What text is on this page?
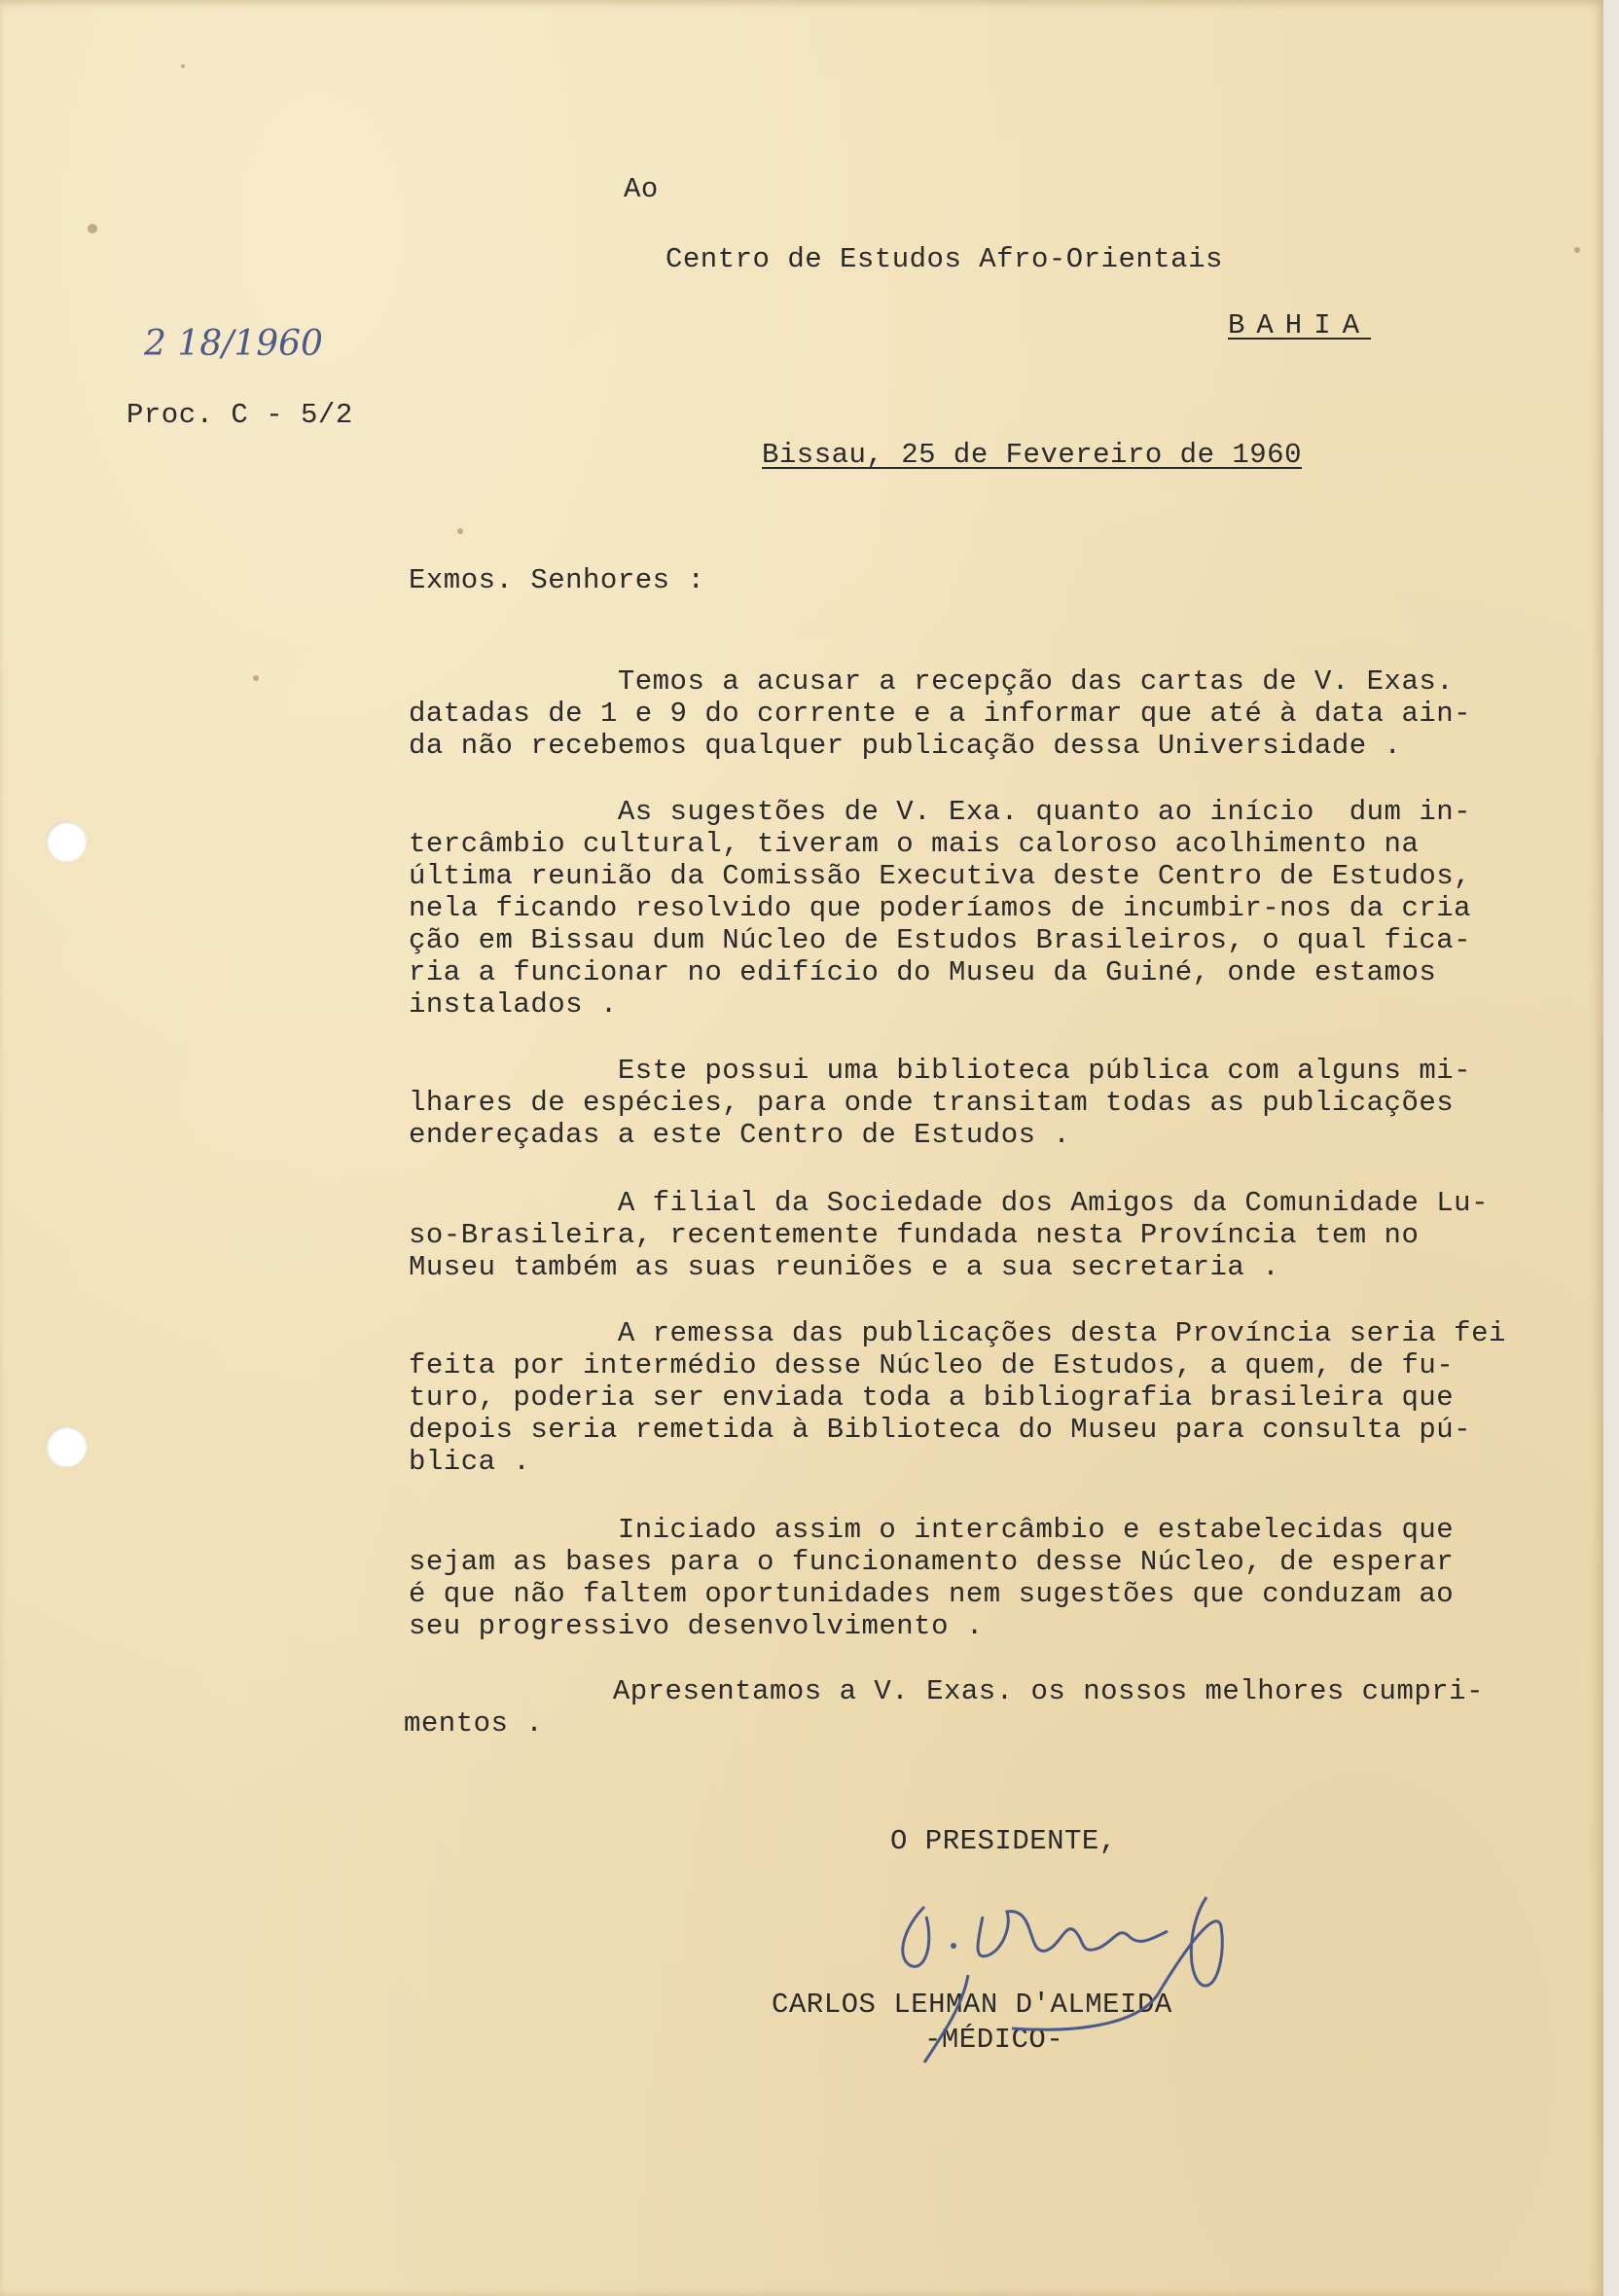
Ao
Centro de Estudos Afro-Orientais
BAHIA
2 18/1960
Proc. C - 5/2
Bissau, 25 de Fevereiro de 1960
Exmos. Senhores :
Temos a acusar a recepção das cartas de V. Exas.
datadas de 1 e 9 do corrente e a informar que até à data ain-
da não recebemos qualquer publicação dessa Universidade .
As sugestões de V. Exa. quanto ao início  dum in-
tercâmbio cultural, tiveram o mais caloroso acolhimento na
última reunião da Comissão Executiva deste Centro de Estudos,
nela ficando resolvido que poderíamos de incumbir-nos da cria
ção em Bissau dum Núcleo de Estudos Brasileiros, o qual fica-
ria a funcionar no edifício do Museu da Guiné, onde estamos
instalados .
Este possui uma biblioteca pública com alguns mi-
lhares de espécies, para onde transitam todas as publicações
endereçadas a este Centro de Estudos .
A filial da Sociedade dos Amigos da Comunidade Lu-
so-Brasileira, recentemente fundada nesta Província tem no
Museu também as suas reuniões e a sua secretaria .
A remessa das publicações desta Província seria fei
feita por intermédio desse Núcleo de Estudos, a quem, de fu-
turo, poderia ser enviada toda a bibliografia brasileira que
depois seria remetida à Biblioteca do Museu para consulta pú-
blica .
Iniciado assim o intercâmbio e estabelecidas que
sejam as bases para o funcionamento desse Núcleo, de esperar
é que não faltem oportunidades nem sugestões que conduzam ao
seu progressivo desenvolvimento .
Apresentamos a V. Exas. os nossos melhores cumpri-
mentos .
O PRESIDENTE,
CARLOS LEHMAN D'ALMEIDA
-MÉDICO-
